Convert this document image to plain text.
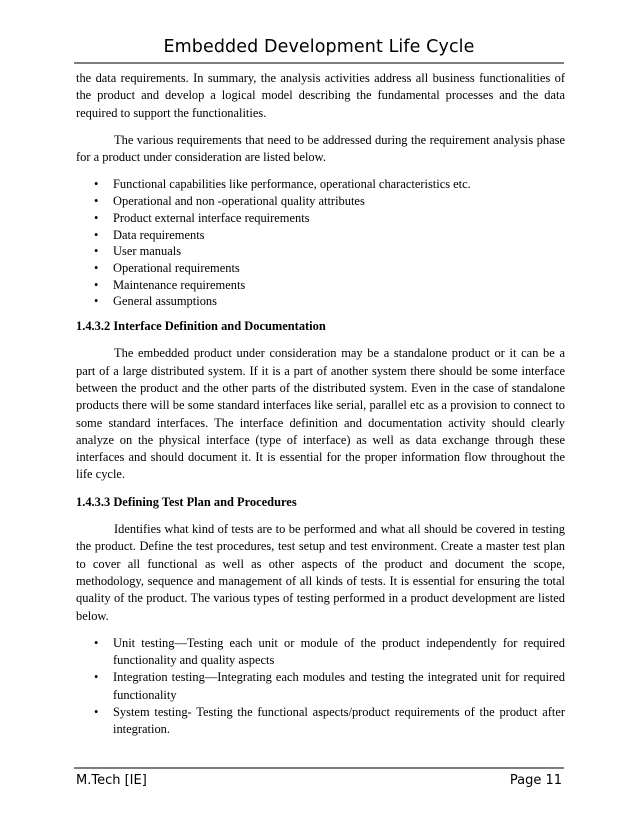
Embedded Development Life Cycle

the data requirements. In summary, the analysis activities address all business functionalities of the product and develop a logical model describing the fundamental processes and the data required to support the functionalities.

The various requirements that need to be addressed during the requirement analysis phase for a product under consideration are listed below.

• Functional capabilities like performance, operational characteristics etc.
• Operational and non -operational quality attributes
• Product external interface requirements
• Data requirements
• User manuals
• Operational requirements
• Maintenance requirements
• General assumptions
1.4.3.2 Interface Definition and Documentation

The embedded product under consideration may be a standalone product or it can be a part of a large distributed system. If it is a part of another system there should be some interface between the product and the other parts of the distributed system. Even in the case of standalone products there will be some standard interfaces like serial, parallel etc as a provision to connect to some standard interfaces. The interface definition and documentation activity should clearly analyze on the physical interface (type of interface) as well as data exchange through these interfaces and should document it. It is essential for the proper information flow throughout the life cycle.

1.4.3.3 Defining Test Plan and Procedures

Identifies what kind of tests are to be performed and what all should be covered in testing the product. Define the test procedures, test setup and test environment. Create a master test plan to cover all functional as well as other aspects of the product and document the scope, methodology, sequence and management of all kinds of tests. It is essential for ensuring the total quality of the product. The various types of testing performed in a product development are listed below.

• Unit testing—Testing each unit or module of the product independently for required functionality and quality aspects
• Integration testing—Integrating each modules and testing the integrated unit for required functionality
• System testing- Testing the functional aspects/product requirements of the product after integration.
M.Tech [IE]	Page 11
